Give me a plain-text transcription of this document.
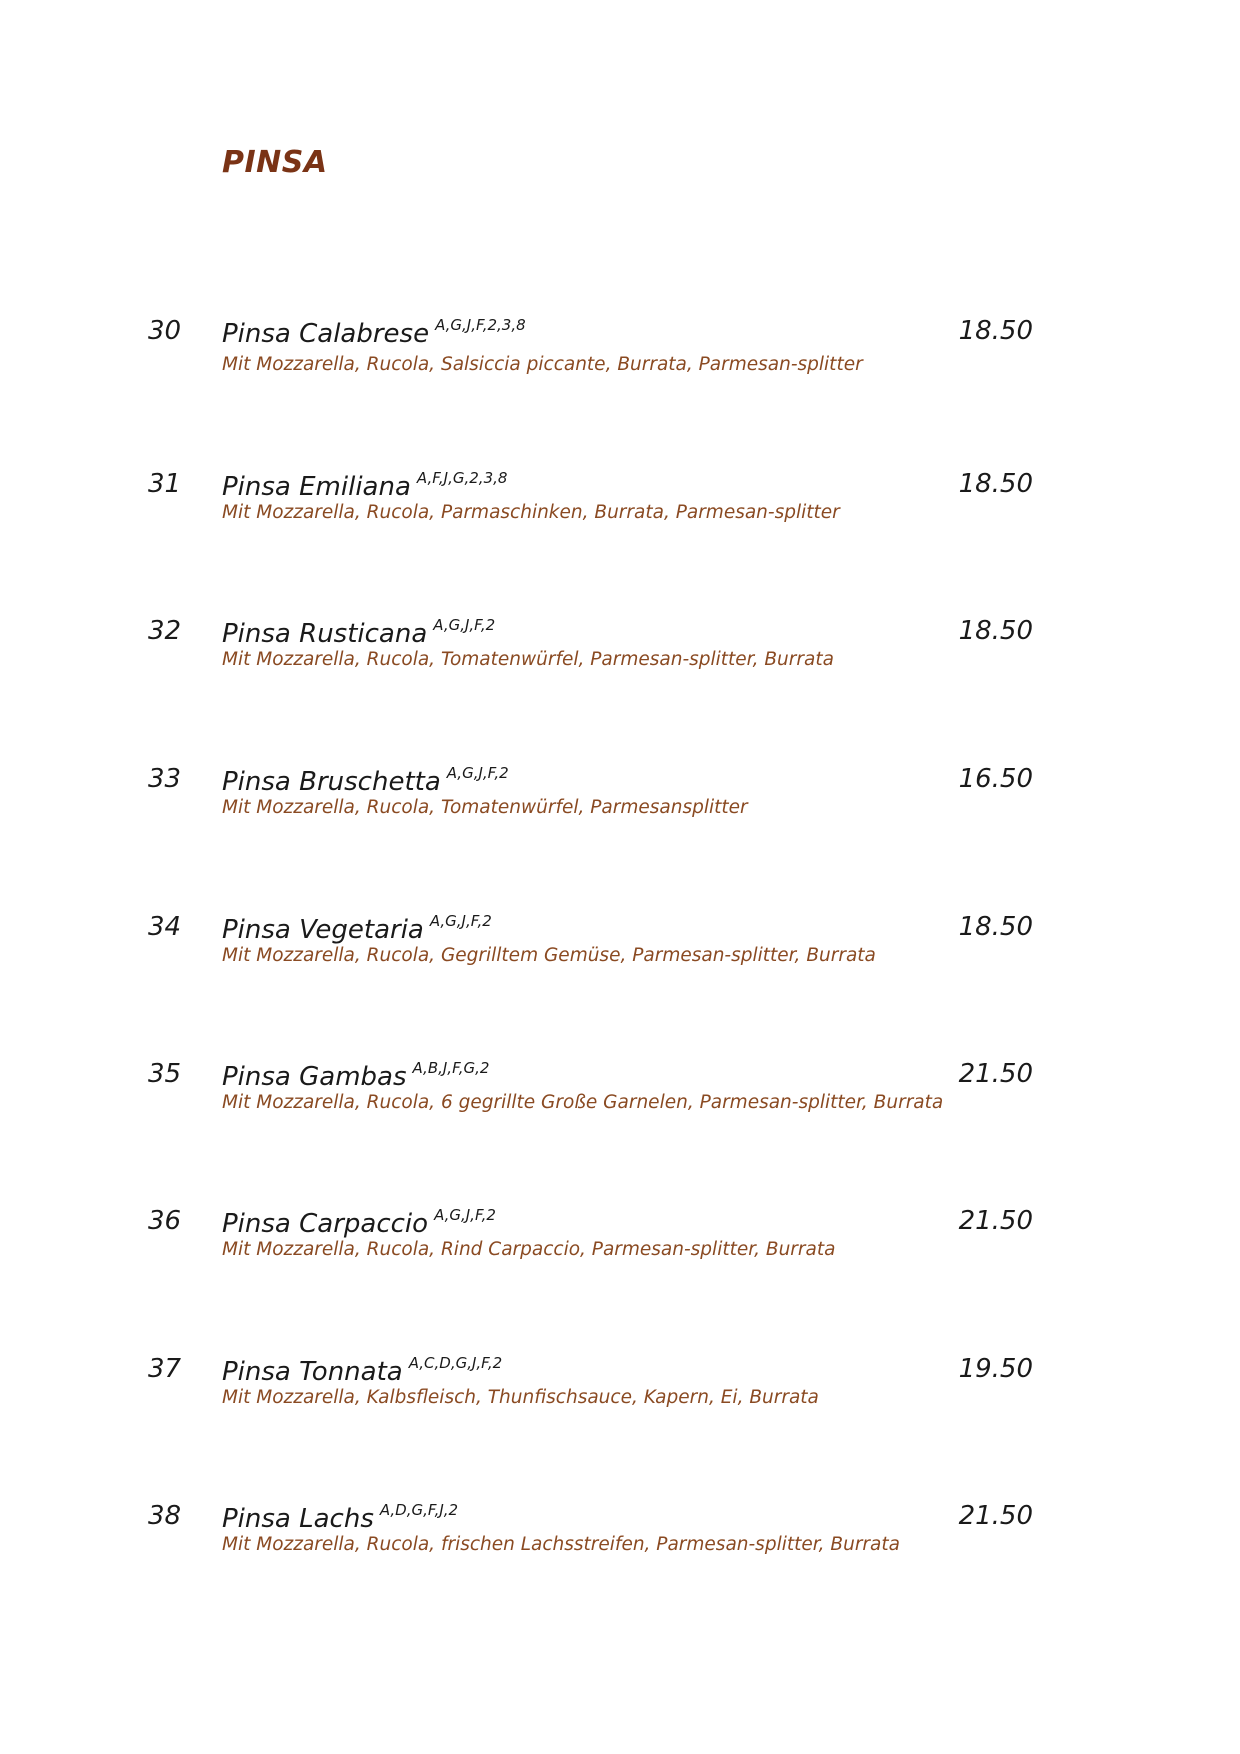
PINSA
30 Pinsa Calabrese $^{A,G,J,F,2,3,8}$	18.50
Mit Mozzarella, Rucola, Salsiccia piccante, Burrata, Parmesan-splitter
31 Pinsa Emiliana $^{A,F,J,G,2,3,8}$	18.50
Mit Mozzarella, Rucola, Parmaschinken, Burrata, Parmesan-splitter
32 Pinsa Rusticana $^{A,G,J,F,2}$	18.50
Mit Mozzarella, Rucola, Tomatenwürfel, Parmesan-splitter, Burrata
33 Pinsa Bruschetta $^{A,G,J,F,2}$	16.50
Mit Mozzarella, Rucola, Tomatenwürfel, Parmesansplitter
34 Pinsa Vegetaria $^{A,G,J,F,2}$	18.50
Mit Mozzarella, Rucola, Gegrilltem Gemüse, Parmesan-splitter, Burrata
35 Pinsa Gambas $^{A,B,J,F,G,2}$	21.50
Mit Mozzarella, Rucola, 6 gegrillte Große Garnelen, Parmesan-splitter, Burrata
36 Pinsa Carpaccio $^{A,G,J,F,2}$	21.50
Mit Mozzarella, Rucola, Rind Carpaccio, Parmesan-splitter, Burrata
37 Pinsa Tonnata $^{A,C,D,G,J,F,2}$	19.50
Mit Mozzarella, Kalbsfleisch, Thunfischsauce, Kapern, Ei, Burrata
38 Pinsa Lachs $^{A,D,G,F,J,2}$	21.50
Mit Mozzarella, Rucola, frischen Lachsstreifen, Parmesan-splitter, Burrata
